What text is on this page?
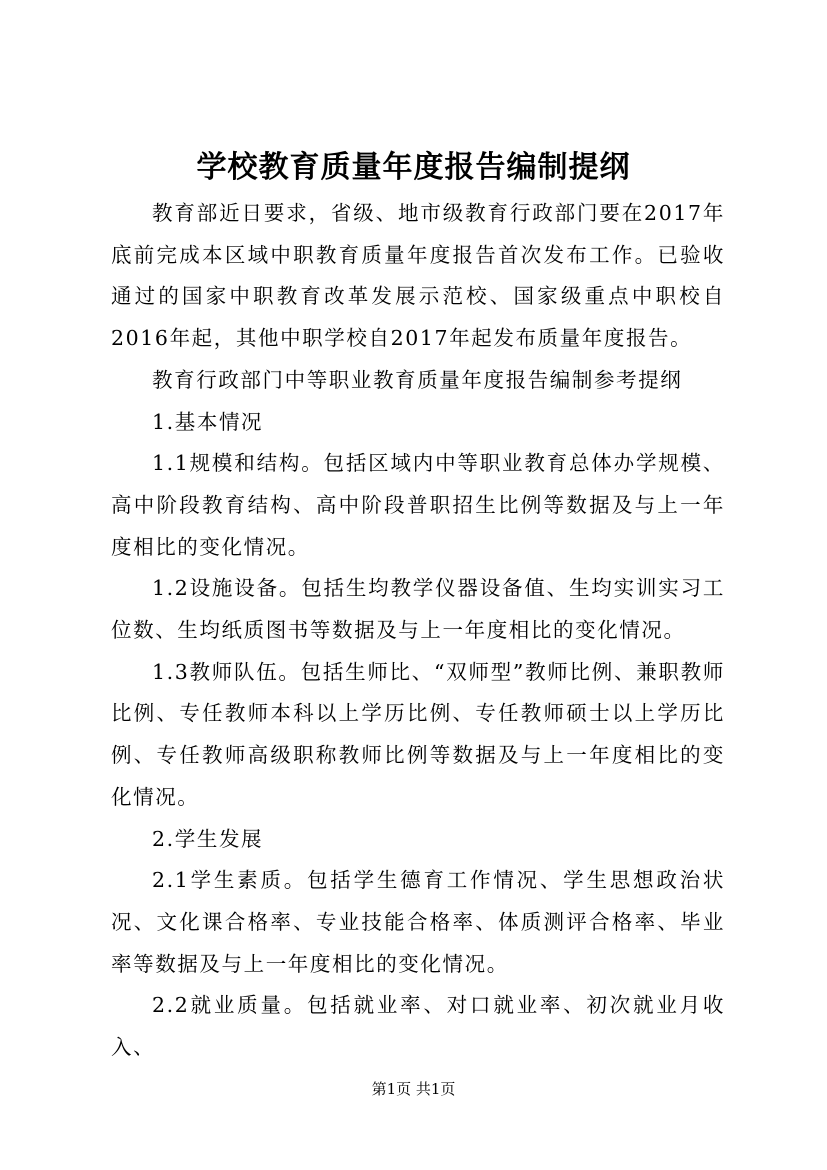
学校教育质量年度报告编制提纲

教育部近日要求，省级、地市级教育行政部门要在2017年底前完成本区域中职教育质量年度报告首次发布工作。已验收通过的国家中职教育改革发展示范校、国家级重点中职校自2016年起，其他中职学校自2017年起发布质量年度报告。

教育行政部门中等职业教育质量年度报告编制参考提纲

1.基本情况

1.1规模和结构。包括区域内中等职业教育总体办学规模、高中阶段教育结构、高中阶段普职招生比例等数据及与上一年度相比的变化情况。

1.2设施设备。包括生均教学仪器设备值、生均实训实习工位数、生均纸质图书等数据及与上一年度相比的变化情况。

1.3教师队伍。包括生师比、“双师型”教师比例、兼职教师比例、专任教师本科以上学历比例、专任教师硕士以上学历比例、专任教师高级职称教师比例等数据及与上一年度相比的变化情况。

2.学生发展

2.1学生素质。包括学生德育工作情况、学生思想政治状况、文化课合格率、专业技能合格率、体质测评合格率、毕业率等数据及与上一年度相比的变化情况。

2.2就业质量。包括就业率、对口就业率、初次就业月收入、

第1页 共1页
